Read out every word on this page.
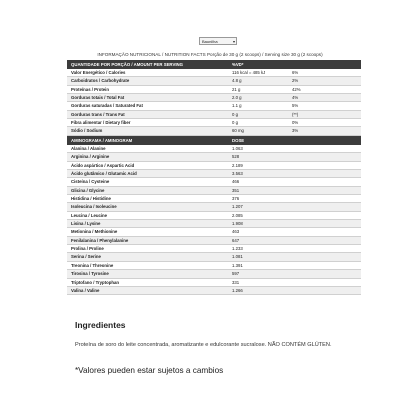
Baunilha	▾
INFORMAÇÃO NUTRICIONAL / NUTRITION FACTS Porção de 30 g (2 scoops) / Serving size 30 g (2 scoops)
QUANTIDADE POR PORÇÃO / AMOUNT PER SERVING	%VD*
Valor Energético / Calories	116 kcal = 485 kJ	6%
Carboidratos / Carbohydrate	4.8 g	2%
Proteínas / Protein	21 g	42%
Gorduras totais / Total Fat	2.0 g	4%
Gorduras saturadas / Saturated Fat	1.1 g	5%
Gorduras trans / Trans Fat	0 g	(**)
Fibra alimentar / Dietary fiber	0 g	0%
Sódio / Sodium	60 mg	3%
AMINOGRAMA / AMINOGRAM	DOSE
Alanina / Alanine	1.063
Arginina / Arginine	528
Ácido aspártico / Aspartic Acid	2.189
Ácido glutâmico / Glutamic Acid	3.563
Cisteína / Cysteine	466
Glicina / Glycine	351
Histidina / Histidine	376
Isoleucina / Isoleucine	1.207
Leucina / Leucine	2.085
Lisina / Lysine	1.908
Metionina / Methionine	463
Fenilalanina / Phenylalanine	647
Prolina / Proline	1.233
Serina / Serine	1.081
Treonina / Threonine	1.391
Tirosina / Tyrosine	597
Triptofano / Tryptophan	331
Valina / Valine	1.266
Ingredientes
Proteína de soro do leite concentrada, aromatizante e edulcorante sucralose. NÃO CONTÉM GLÚTEN.
*Valores pueden estar sujetos a cambios
